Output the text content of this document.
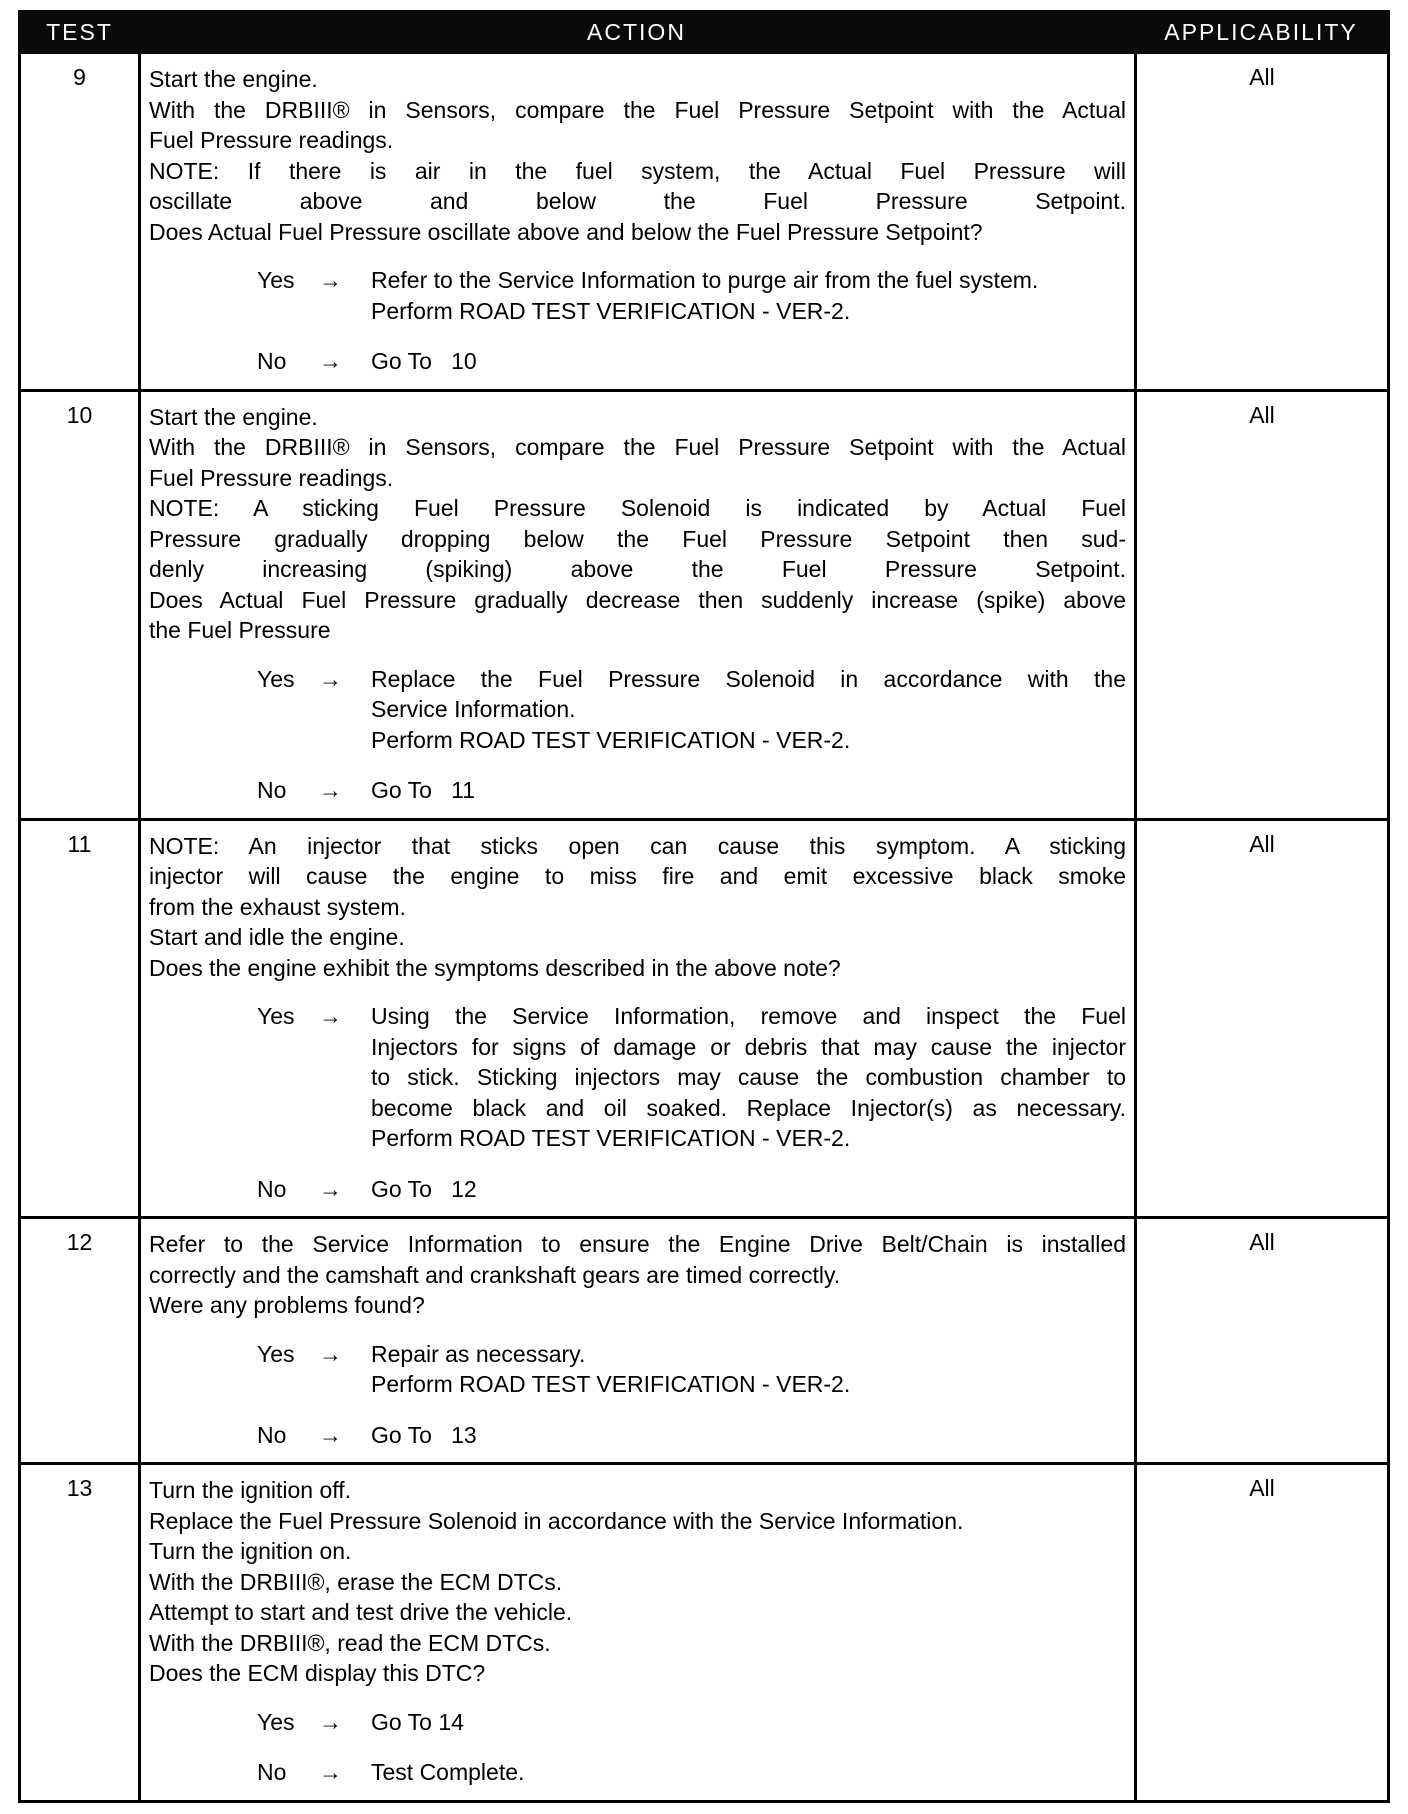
TEST	ACTION	APPLICABILITY
9	Start the engine.
With the DRBIII® in Sensors, compare the Fuel Pressure Setpoint with the Actual
Fuel Pressure readings.
NOTE: If there is air in the fuel system, the Actual Fuel Pressure will
oscillate above and below the Fuel Pressure Setpoint.
Does Actual Fuel Pressure oscillate above and below the Fuel Pressure Setpoint?
Yes	→	Refer to the Service Information to purge air from the fuel system.
Perform ROAD TEST VERIFICATION - VER-2.
No	→	Go To   10
All
10	Start the engine.
With the DRBIII® in Sensors, compare the Fuel Pressure Setpoint with the Actual
Fuel Pressure readings.
NOTE: A sticking Fuel Pressure Solenoid is indicated by Actual Fuel
Pressure gradually dropping below the Fuel Pressure Setpoint then sud-
denly increasing (spiking) above the Fuel Pressure Setpoint.
Does Actual Fuel Pressure gradually decrease then suddenly increase (spike) above
the Fuel Pressure
Yes	→	Replace the Fuel Pressure Solenoid in accordance with the
Service Information.
Perform ROAD TEST VERIFICATION - VER-2.
No	→	Go To   11
All
11	NOTE: An injector that sticks open can cause this symptom. A sticking
injector will cause the engine to miss fire and emit excessive black smoke
from the exhaust system.
Start and idle the engine.
Does the engine exhibit the symptoms described in the above note?
Yes	→	Using the Service Information, remove and inspect the Fuel
Injectors for signs of damage or debris that may cause the injector
to stick. Sticking injectors may cause the combustion chamber to
become black and oil soaked. Replace Injector(s) as necessary.
Perform ROAD TEST VERIFICATION - VER-2.
No	→	Go To   12
All
12	Refer to the Service Information to ensure the Engine Drive Belt/Chain is installed
correctly and the camshaft and crankshaft gears are timed correctly.
Were any problems found?
Yes	→	Repair as necessary.
Perform ROAD TEST VERIFICATION - VER-2.
No	→	Go To   13
All
13	Turn the ignition off.
Replace the Fuel Pressure Solenoid in accordance with the Service Information.
Turn the ignition on.
With the DRBIII®, erase the ECM DTCs.
Attempt to start and test drive the vehicle.
With the DRBIII®, read the ECM DTCs.
Does the ECM display this DTC?
Yes	→	Go To 14
No	→	Test Complete.
All
